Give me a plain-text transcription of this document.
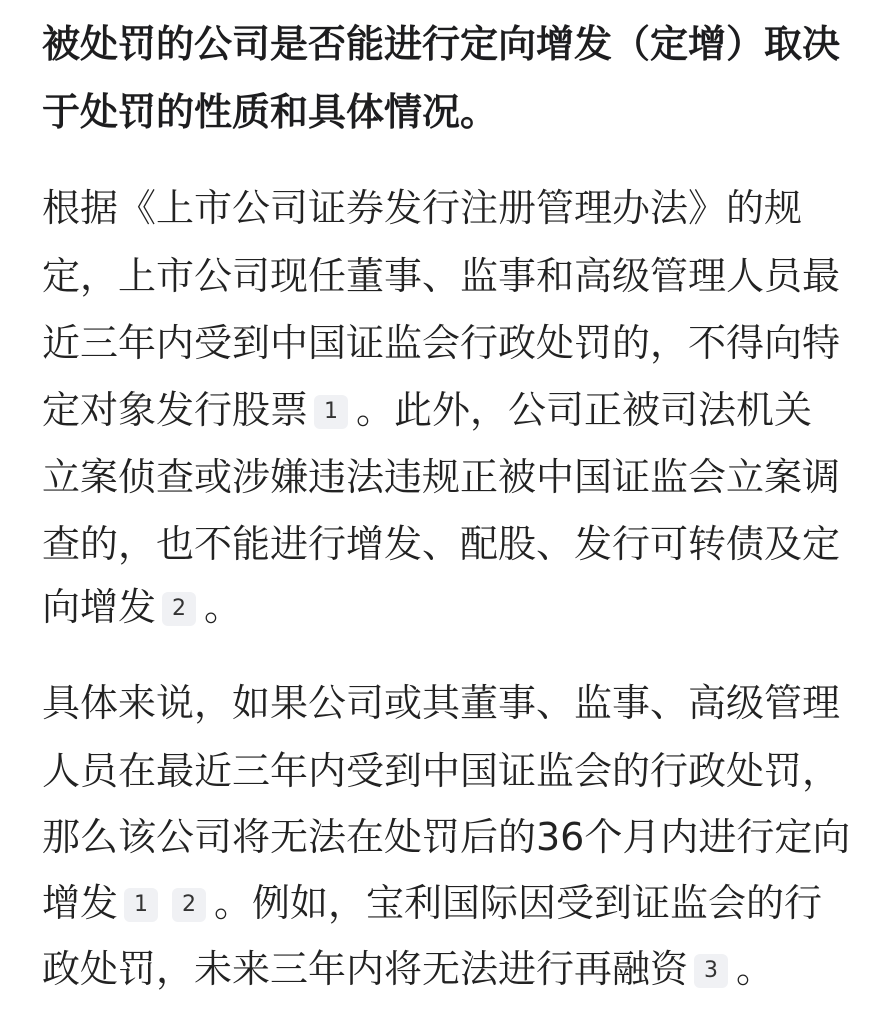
被处罚的公司是否能进行定向增发（定增）取决
于处罚的性质和具体情况。
根据《上市公司证券发行注册管理办法》的规
定，上市公司现任董事、监事和高级管理人员最
近三年内受到中国证监会行政处罚的，不得向特
定对象发行股票 1 。此外，公司正被司法机关
立案侦查或涉嫌违法违规正被中国证监会立案调
查的，也不能进行增发、配股、发行可转债及定
向增发 2 。
具体来说，如果公司或其董事、监事、高级管理
人员在最近三年内受到中国证监会的行政处罚，
那么该公司将无法在处罚后的36个月内进行定向
增发 1 2 。例如，宝利国际因受到证监会的行
政处罚，未来三年内将无法进行再融资 3 。
